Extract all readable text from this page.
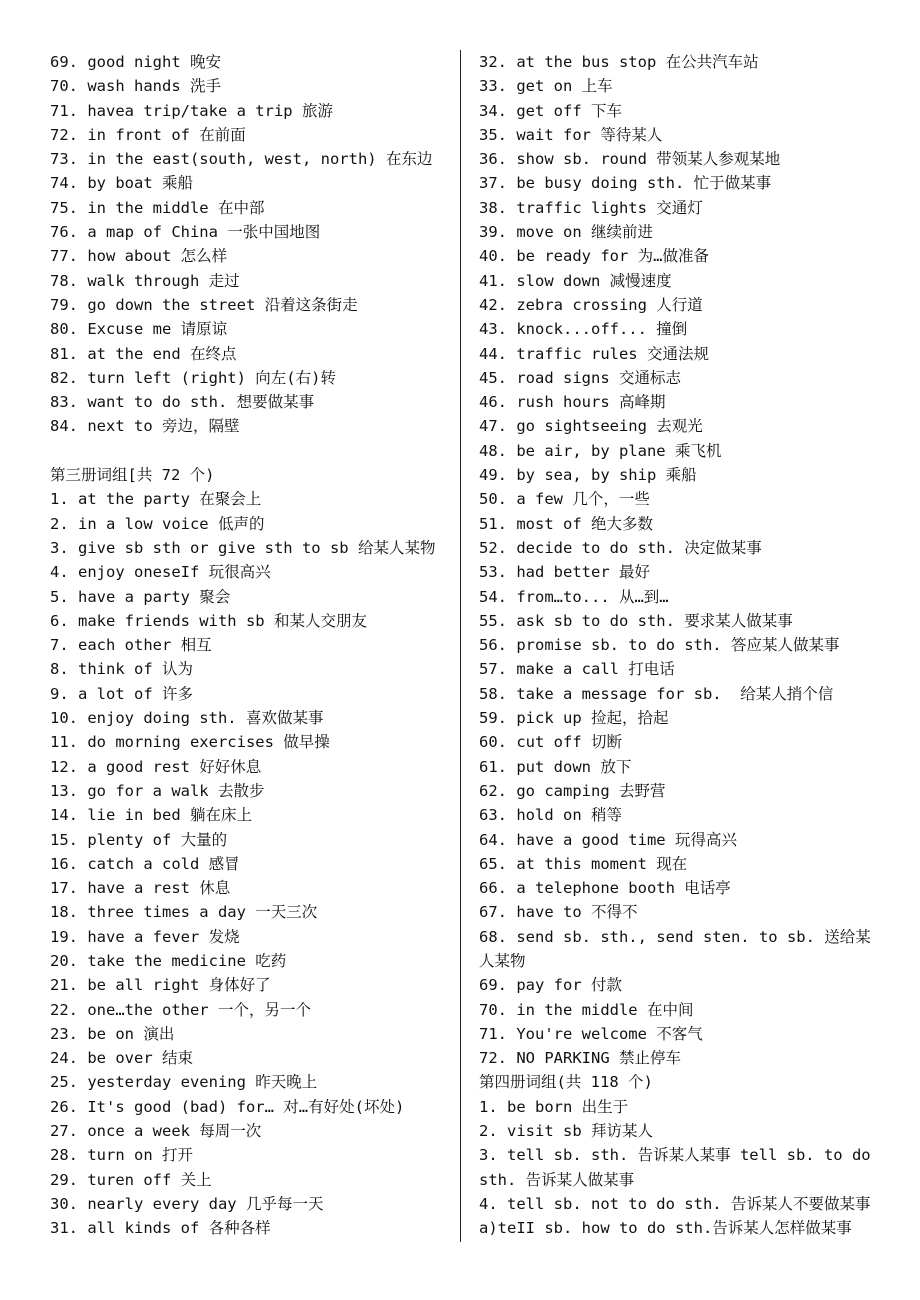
69. good night 晚安
70. wash hands 洗手
71. havea trip/take a trip 旅游
72. in front of 在前面
73. in the east(south, west, north) 在东边
74. by boat 乘船
75. in the middle 在中部
76. a map of China 一张中国地图
77. how about 怎么样
78. walk through 走过
79. go down the street 沿着这条街走
80. Excuse me 请原谅
81. at the end 在终点
82. turn left (right) 向左(右)转
83. want to do sth. 想要做某事
84. next to 旁边，隔壁
第三册词组[共 72 个)
1. at the party 在聚会上
2. in a low voice 低声的
3. give sb sth or give sth to sb 给某人某物
4. enjoy oneseIf 玩很高兴
5. have a party 聚会
6. make friends with sb 和某人交朋友
7. each other 相互
8. think of 认为
9. a lot of 许多
10. enjoy doing sth. 喜欢做某事
11. do morning exercises 做早操
12. a good rest 好好休息
13. go for a walk 去散步
14. lie in bed 躺在床上
15. plenty of 大量的
16. catch a cold 感冒
17. have a rest 休息
18. three times a day 一天三次
19. have a fever 发烧
20. take the medicine 吃药
21. be all right 身体好了
22. one…the other 一个，另一个
23. be on 演出
24. be over 结束
25. yesterday evening 昨天晚上
26. It's good (bad) for… 对…有好处(坏处)
27. once a week 每周一次
28. turn on 打开
29. turen off 关上
30. nearly every day 几乎每一天
31. all kinds of 各种各样
32. at the bus stop 在公共汽车站
33. get on 上车
34. get off 下车
35. wait for 等待某人
36. show sb. round 带领某人参观某地
37. be busy doing sth. 忙于做某事
38. traffic lights 交通灯
39. move on 继续前进
40. be ready for 为…做准备
41. slow down 减慢速度
42. zebra crossing 人行道
43. knock...off... 撞倒
44. traffic rules 交通法规
45. road signs 交通标志
46. rush hours 高峰期
47. go sightseeing 去观光
48. be air, by plane 乘飞机
49. by sea, by ship 乘船
50. a few 几个，一些
51. most of 绝大多数
52. decide to do sth. 决定做某事
53. had better 最好
54. from…to... 从…到…
55. ask sb to do sth. 要求某人做某事
56. promise sb. to do sth. 答应某人做某事
57. make a call 打电话
58. take a message for sb.  给某人捎个信
59. pick up 捡起，拾起
60. cut off 切断
61. put down 放下
62. go camping 去野营
63. hold on 稍等
64. have a good time 玩得高兴
65. at this moment 现在
66. a telephone booth 电话亭
67. have to 不得不
68. send sb. sth., send sten. to sb. 送给某人某物
69. pay for 付款
70. in the middle 在中间
71. You're welcome 不客气
72. NO PARKING 禁止停车
第四册词组(共 118 个)
1. be born 出生于
2. visit sb 拜访某人
3. tell sb. sth. 告诉某人某事 tell sb. to do sth. 告诉某人做某事
4. tell sb. not to do sth. 告诉某人不要做某事
a)teII sb. how to do sth.告诉某人怎样做某事
